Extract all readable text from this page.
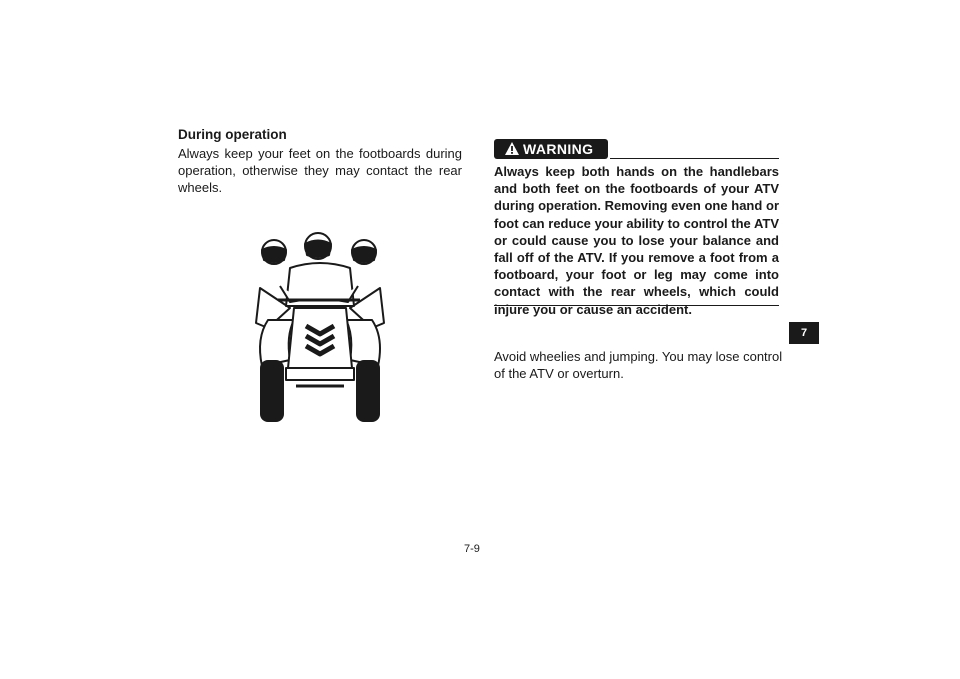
During operation

Always keep your feet on the footboards during operation, otherwise they may contact the rear wheels.

WARNING

Always keep both hands on the handlebars and both feet on the footboards of your ATV during operation. Removing even one hand or foot can reduce your ability to control the ATV or could cause you to lose your balance and fall off of the ATV. If you remove a foot from a footboard, your foot or leg may come into contact with the rear wheels, which could injure you or cause an accident.

Avoid wheelies and jumping. You may lose control of the ATV or overturn.

7
7-9
